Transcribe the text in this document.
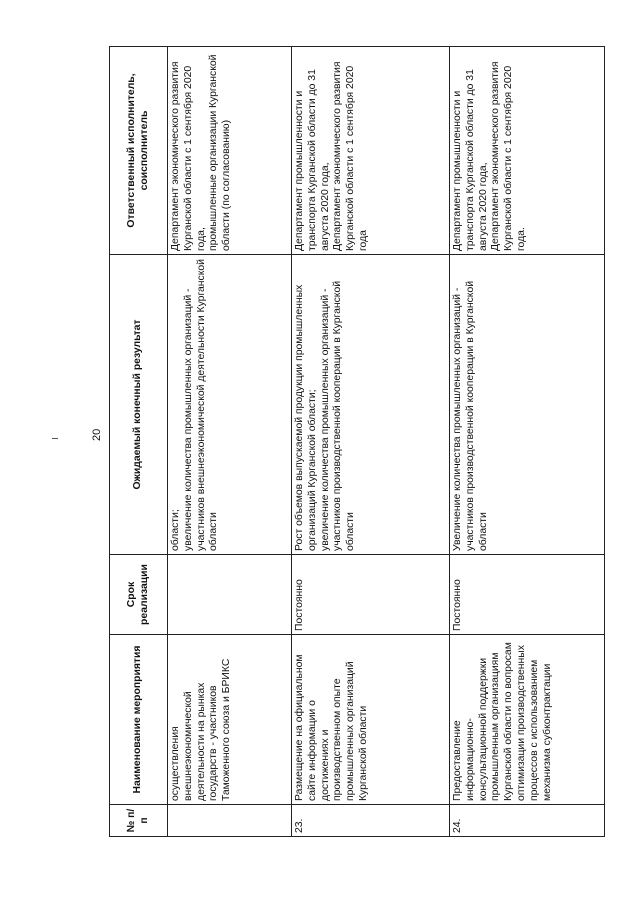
20
№ п/п	Наименование мероприятия	Срок реализации	Ожидаемый конечный результат	Ответственный исполнитель, соисполнитель
	осуществления внешнеэкономической деятельности на рынках государств - участников Таможенного союза и БРИКС		области; увеличение количества промышленных организаций - участников внешнеэкономической деятельности Курганской области	Департамент экономического развития Курганской области с 1 сентября 2020 года, промышленные организации Курганской области (по согласованию)

23.	Размещение на официальном сайте информации о достижениях и производственном опыте промышленных организаций Курганской области	Постоянно	Рост объемов выпускаемой продукции промышленных организаций Курганской области; увеличение количества промышленных организаций - участников производственной кооперации в Курганской области	Департамент промышленности и транспорта Курганской области до 31 августа 2020 года, Департамент экономического развития Курганской области с 1 сентября 2020 года

24.	Предоставление информационно-консультационной поддержки промышленным организациям Курганской области по вопросам оптимизации производственных процессов с использованием механизма субконтрактации	Постоянно	Увеличение количества промышленных организаций - участников производственной кооперации в Курганской области	Департамент промышленности и транспорта Курганской области до 31 августа 2020 года, Департамент экономического развития Курганской области с 1 сентября 2020 года.
